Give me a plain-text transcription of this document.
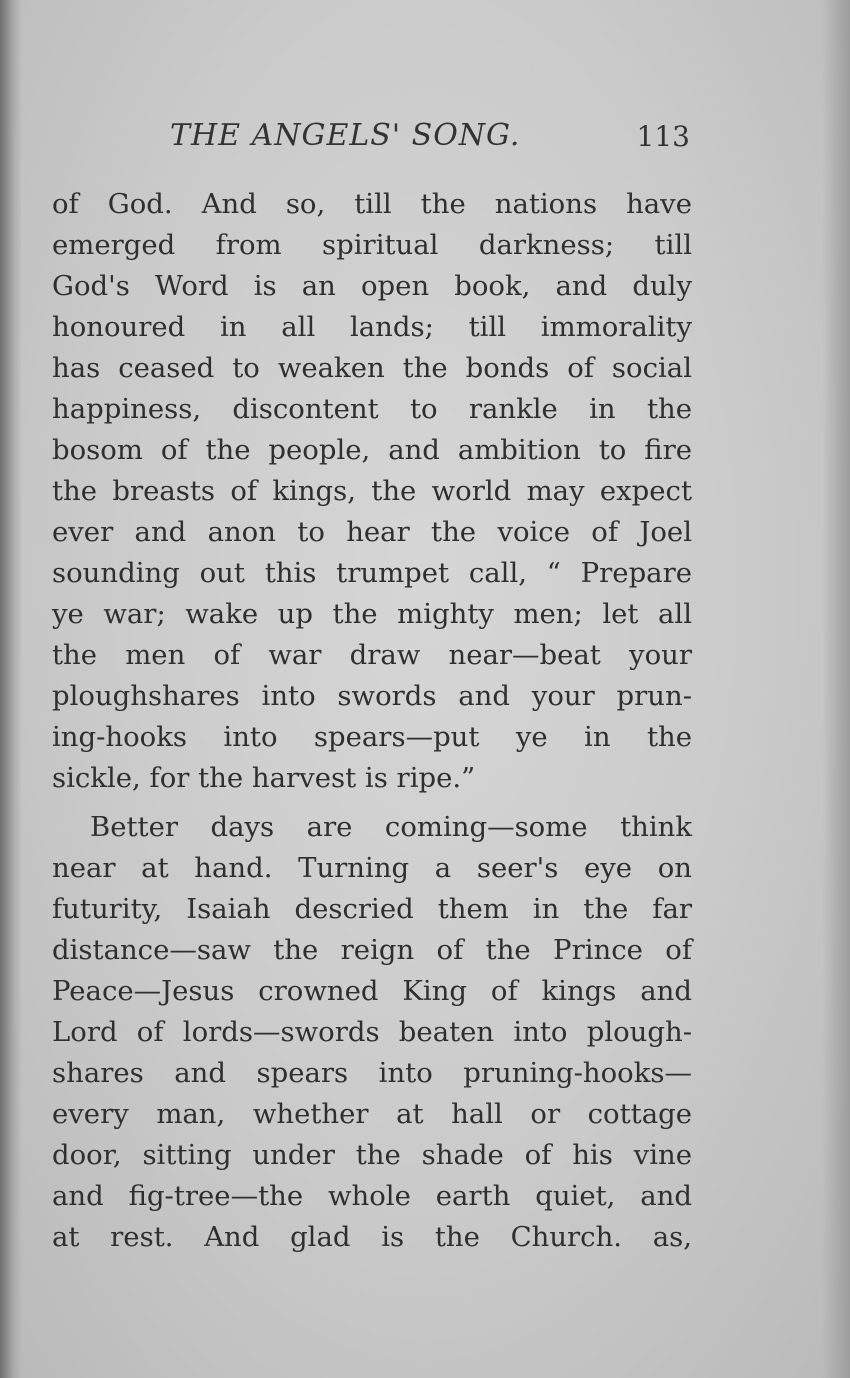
THE ANGELS' SONG.	113
of God. And so, till the nations have
emerged from spiritual darkness; till
God's Word is an open book, and duly
honoured in all lands; till immorality
has ceased to weaken the bonds of social
happiness, discontent to rankle in the
bosom of the people, and ambition to fire
the breasts of kings, the world may expect
ever and anon to hear the voice of Joel
sounding out this trumpet call, “ Prepare
ye war; wake up the mighty men; let all
the men of war draw near—beat your
ploughshares into swords and your prun-
ing-hooks into spears—put ye in the
sickle, for the harvest is ripe.”
Better days are coming—some think
near at hand. Turning a seer's eye on
futurity, Isaiah descried them in the far
distance—saw the reign of the Prince of
Peace—Jesus crowned King of kings and
Lord of lords—swords beaten into plough-
shares and spears into pruning-hooks—
every man, whether at hall or cottage
door, sitting under the shade of his vine
and fig-tree—the whole earth quiet, and
at rest. And glad is the Church. as,
